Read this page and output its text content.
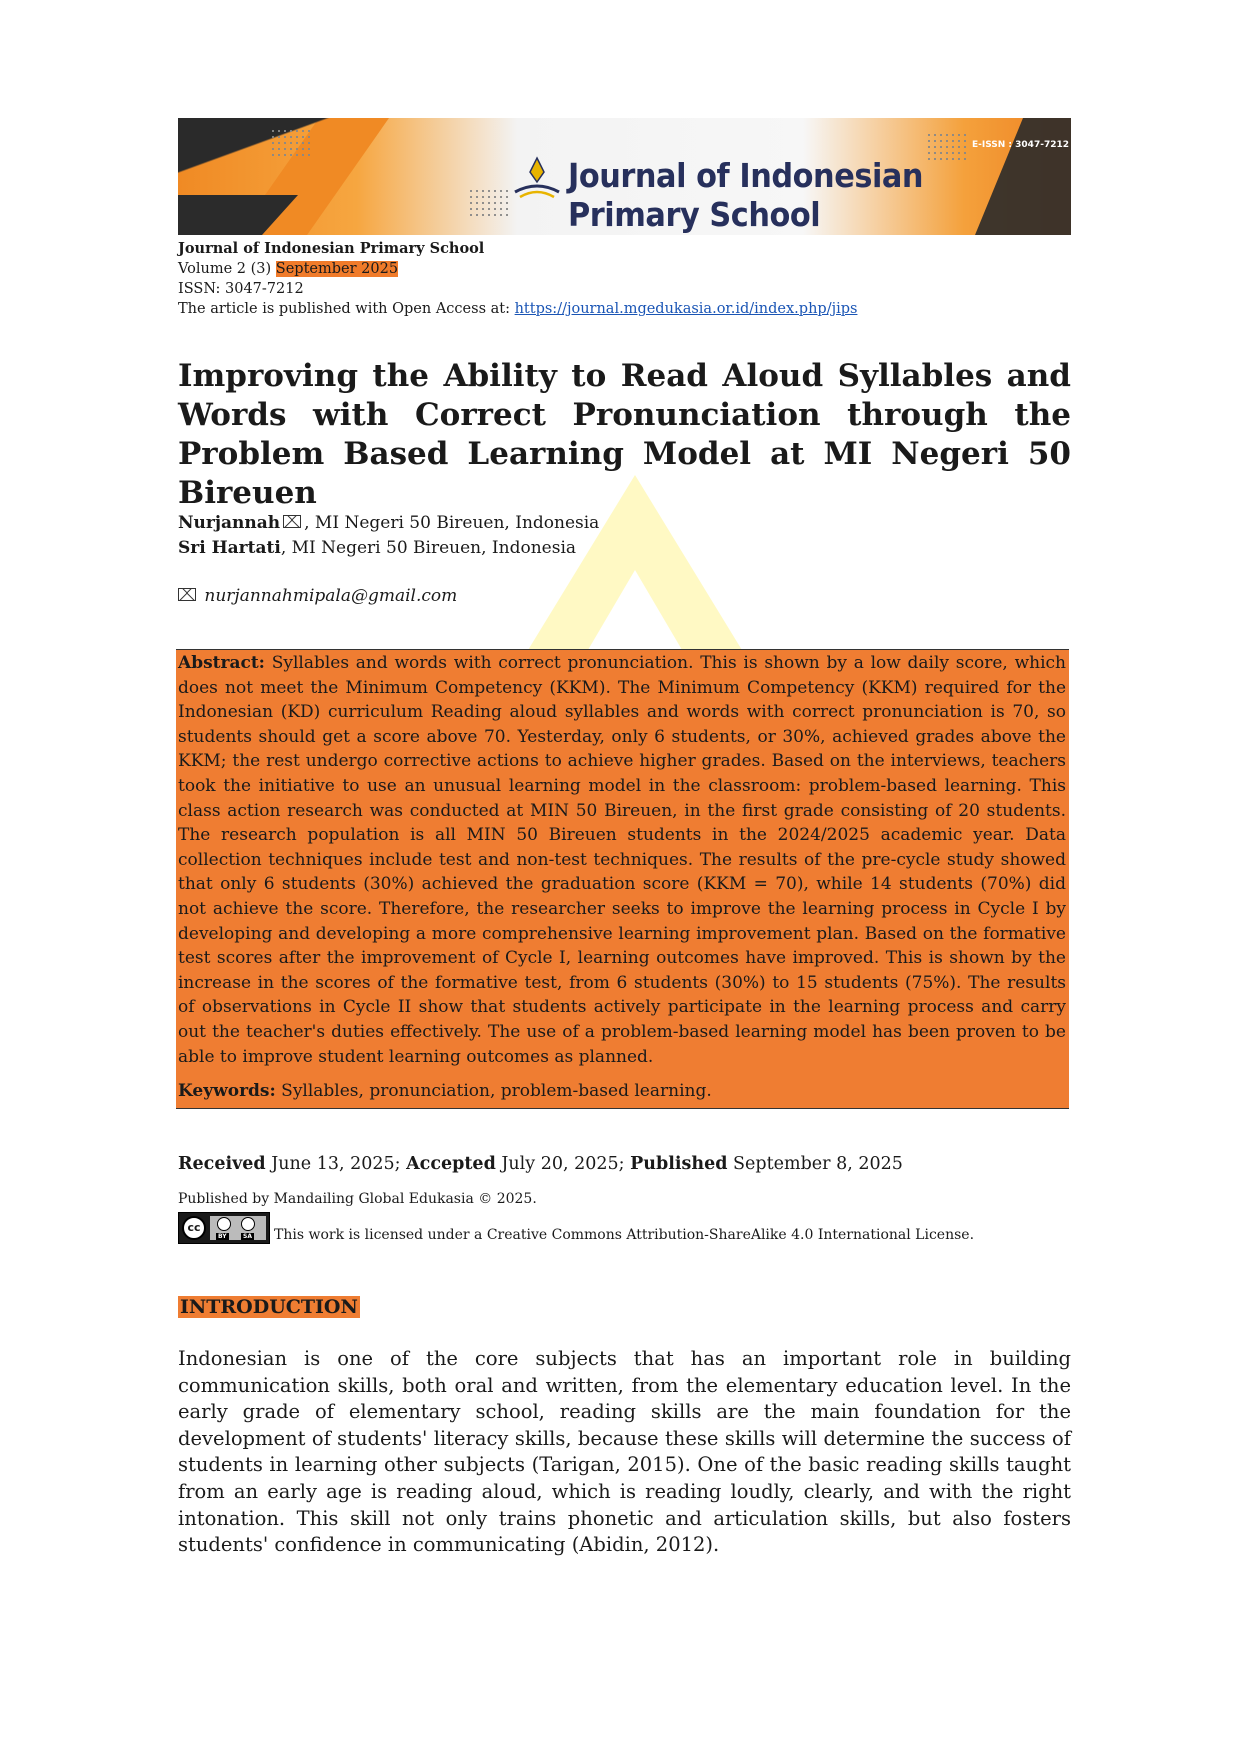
Journal of Indonesian Primary School
E-ISSN : 3047-7212
Journal of Indonesian Primary School
Volume 2 (3) September 2025
ISSN: 3047-7212
The article is published with Open Access at: https://journal.mgedukasia.or.id/index.php/jips
Improving the Ability to Read Aloud Syllables and Words with Correct Pronunciation through the Problem Based Learning Model at MI Negeri 50 Bireuen
Nurjannah , MI Negeri 50 Bireuen, Indonesia
Sri Hartati, MI Negeri 50 Bireuen, Indonesia
nurjannahmipala@gmail.com

Abstract: Syllables and words with correct pronunciation. This is shown by a low daily score, which does not meet the Minimum Competency (KKM). The Minimum Competency (KKM) required for the Indonesian (KD) curriculum Reading aloud syllables and words with correct pronunciation is 70, so students should get a score above 70. Yesterday, only 6 students, or 30%, achieved grades above the KKM; the rest undergo corrective actions to achieve higher grades. Based on the interviews, teachers took the initiative to use an unusual learning model in the classroom: problem-based learning. This class action research was conducted at MIN 50 Bireuen, in the first grade consisting of 20 students. The research population is all MIN 50 Bireuen students in the 2024/2025 academic year. Data collection techniques include test and non-test techniques. The results of the pre-cycle study showed that only 6 students (30%) achieved the graduation score (KKM = 70), while 14 students (70%) did not achieve the score. Therefore, the researcher seeks to improve the learning process in Cycle I by developing and developing a more comprehensive learning improvement plan. Based on the formative test scores after the improvement of Cycle I, learning outcomes have improved. This is shown by the increase in the scores of the formative test, from 6 students (30%) to 15 students (75%). The results of observations in Cycle II show that students actively participate in the learning process and carry out the teacher's duties effectively. The use of a problem-based learning model has been proven to be able to improve student learning outcomes as planned.

Keywords: Syllables, pronunciation, problem-based learning.

Received June 13, 2025; Accepted July 20, 2025; Published September 8, 2025
Published by Mandailing Global Edukasia © 2025.
cc
BY	SA This work is licensed under a Creative Commons Attribution-ShareAlike 4.0 International License.
INTRODUCTION

Indonesian is one of the core subjects that has an important role in building communication skills, both oral and written, from the elementary education level. In the early grade of elementary school, reading skills are the main foundation for the development of students' literacy skills, because these skills will determine the success of students in learning other subjects (Tarigan, 2015). One of the basic reading skills taught from an early age is reading aloud, which is reading loudly, clearly, and with the right intonation. This skill not only trains phonetic and articulation skills, but also fosters students' confidence in communicating (Abidin, 2012).
